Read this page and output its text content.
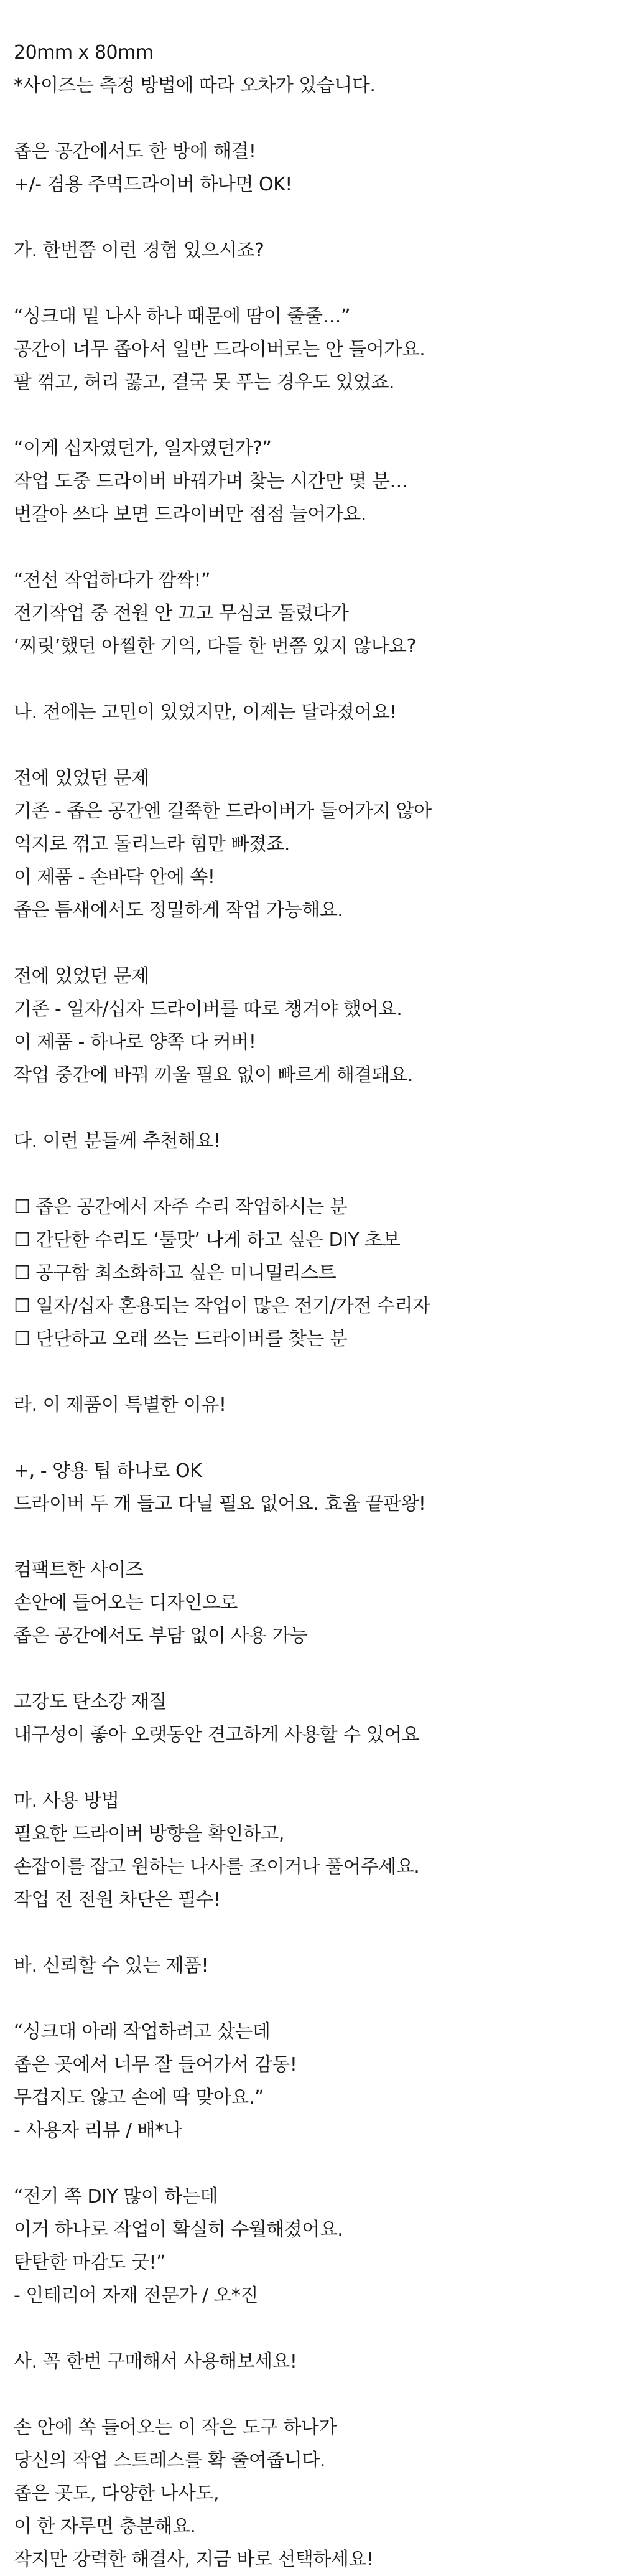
20mm x 80mm
*사이즈는 측정 방법에 따라 오차가 있습니다.
좁은 공간에서도 한 방에 해결!
+/- 겸용 주먹드라이버 하나면 OK!
가. 한번쯤 이런 경험 있으시죠?
“싱크대 밑 나사 하나 때문에 땀이 줄줄…”
공간이 너무 좁아서 일반 드라이버로는 안 들어가요.
팔 꺾고, 허리 꿇고, 결국 못 푸는 경우도 있었죠.
“이게 십자였던가, 일자였던가?”
작업 도중 드라이버 바꿔가며 찾는 시간만 몇 분…
번갈아 쓰다 보면 드라이버만 점점 늘어가요.
“전선 작업하다가 깜짝!”
전기작업 중 전원 안 끄고 무심코 돌렸다가
‘찌릿’했던 아찔한 기억, 다들 한 번쯤 있지 않나요?
나. 전에는 고민이 있었지만, 이제는 달라졌어요!
전에 있었던 문제
기존 - 좁은 공간엔 길쭉한 드라이버가 들어가지 않아
억지로 꺾고 돌리느라 힘만 빠졌죠.
이 제품 - 손바닥 안에 쏙!
좁은 틈새에서도 정밀하게 작업 가능해요.
전에 있었던 문제
기존 - 일자/십자 드라이버를 따로 챙겨야 했어요.
이 제품 - 하나로 양쪽 다 커버!
작업 중간에 바꿔 끼울 필요 없이 빠르게 해결돼요.
다. 이런 분들께 추천해요!
☐ 좁은 공간에서 자주 수리 작업하시는 분
☐ 간단한 수리도 ‘툴맛’ 나게 하고 싶은 DIY 초보
☐ 공구함 최소화하고 싶은 미니멀리스트
☐ 일자/십자 혼용되는 작업이 많은 전기/가전 수리자
☐ 단단하고 오래 쓰는 드라이버를 찾는 분
라. 이 제품이 특별한 이유!
+, - 양용 팁 하나로 OK
드라이버 두 개 들고 다닐 필요 없어요. 효율 끝판왕!
컴팩트한 사이즈
손안에 들어오는 디자인으로
좁은 공간에서도 부담 없이 사용 가능
고강도 탄소강 재질
내구성이 좋아 오랫동안 견고하게 사용할 수 있어요
마. 사용 방법
필요한 드라이버 방향을 확인하고,
손잡이를 잡고 원하는 나사를 조이거나 풀어주세요.
작업 전 전원 차단은 필수!
바. 신뢰할 수 있는 제품!
“싱크대 아래 작업하려고 샀는데
좁은 곳에서 너무 잘 들어가서 감동!
무겁지도 않고 손에 딱 맞아요.”
- 사용자 리뷰 / 배*나
“전기 쪽 DIY 많이 하는데
이거 하나로 작업이 확실히 수월해졌어요.
탄탄한 마감도 굿!”
- 인테리어 자재 전문가 / 오*진
사. 꼭 한번 구매해서 사용해보세요!
손 안에 쏙 들어오는 이 작은 도구 하나가
당신의 작업 스트레스를 확 줄여줍니다.
좁은 곳도, 다양한 나사도,
이 한 자루면 충분해요.
작지만 강력한 해결사, 지금 바로 선택하세요!
